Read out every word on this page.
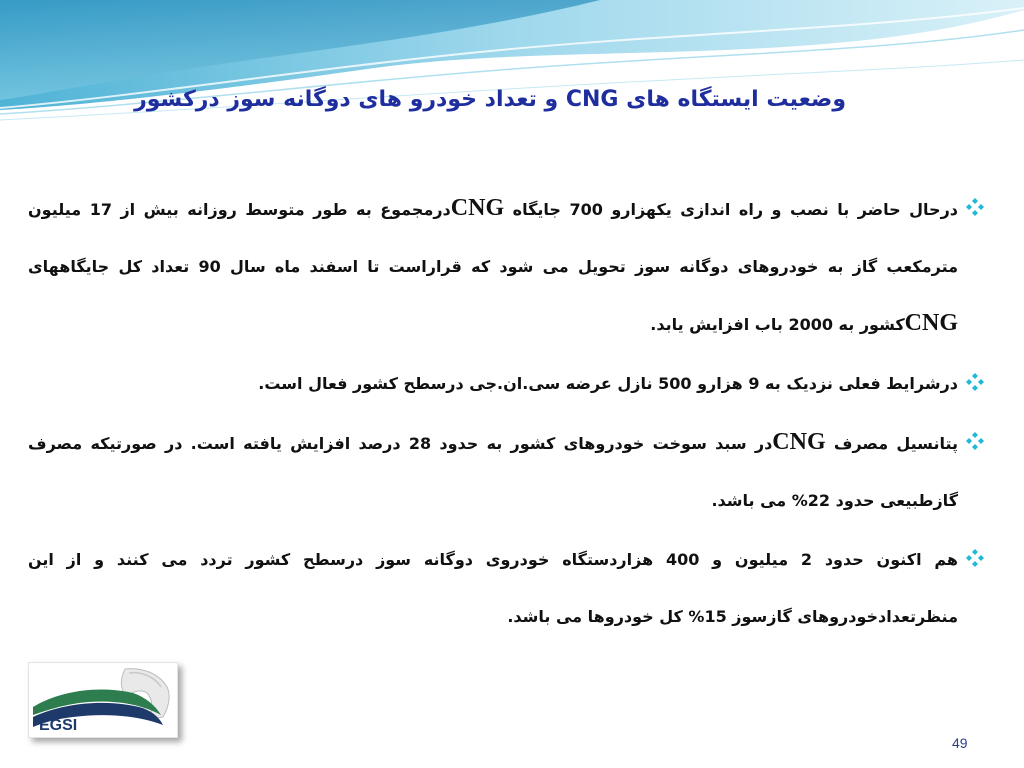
وضعیت ایستگاه های CNG و تعداد خودرو های دوگانه سوز درکشور
درحال حاضر با نصب و راه اندازی یکهزارو 700 جایگاه CNGدرمجموع به طور متوسط روزانه بیش از 17 میلیون مترمکعب گاز به خودروهای دوگانه سوز تحویل می شود که قراراست تا اسفند ماه سال 90 تعداد کل جایگاههای CNGکشور به 2000 باب افزایش یابد.
درشرایط فعلی نزدیک به 9 هزارو 500 نازل عرضه سی.ان.جی درسطح کشور فعال است.
پتانسیل مصرف CNGدر سبد سوخت خودروهای کشور به حدود 28 درصد افزایش یافته است. در صورتیکه مصرف گازطبیعی حدود 22% می باشد.
هم اکنون حدود 2 میلیون و 400 هزاردستگاه خودروی دوگانه سوز درسطح کشور تردد می کنند و از این منظرتعدادخودروهای گازسوز 15% کل خودروها می باشد.
EGSI
49
